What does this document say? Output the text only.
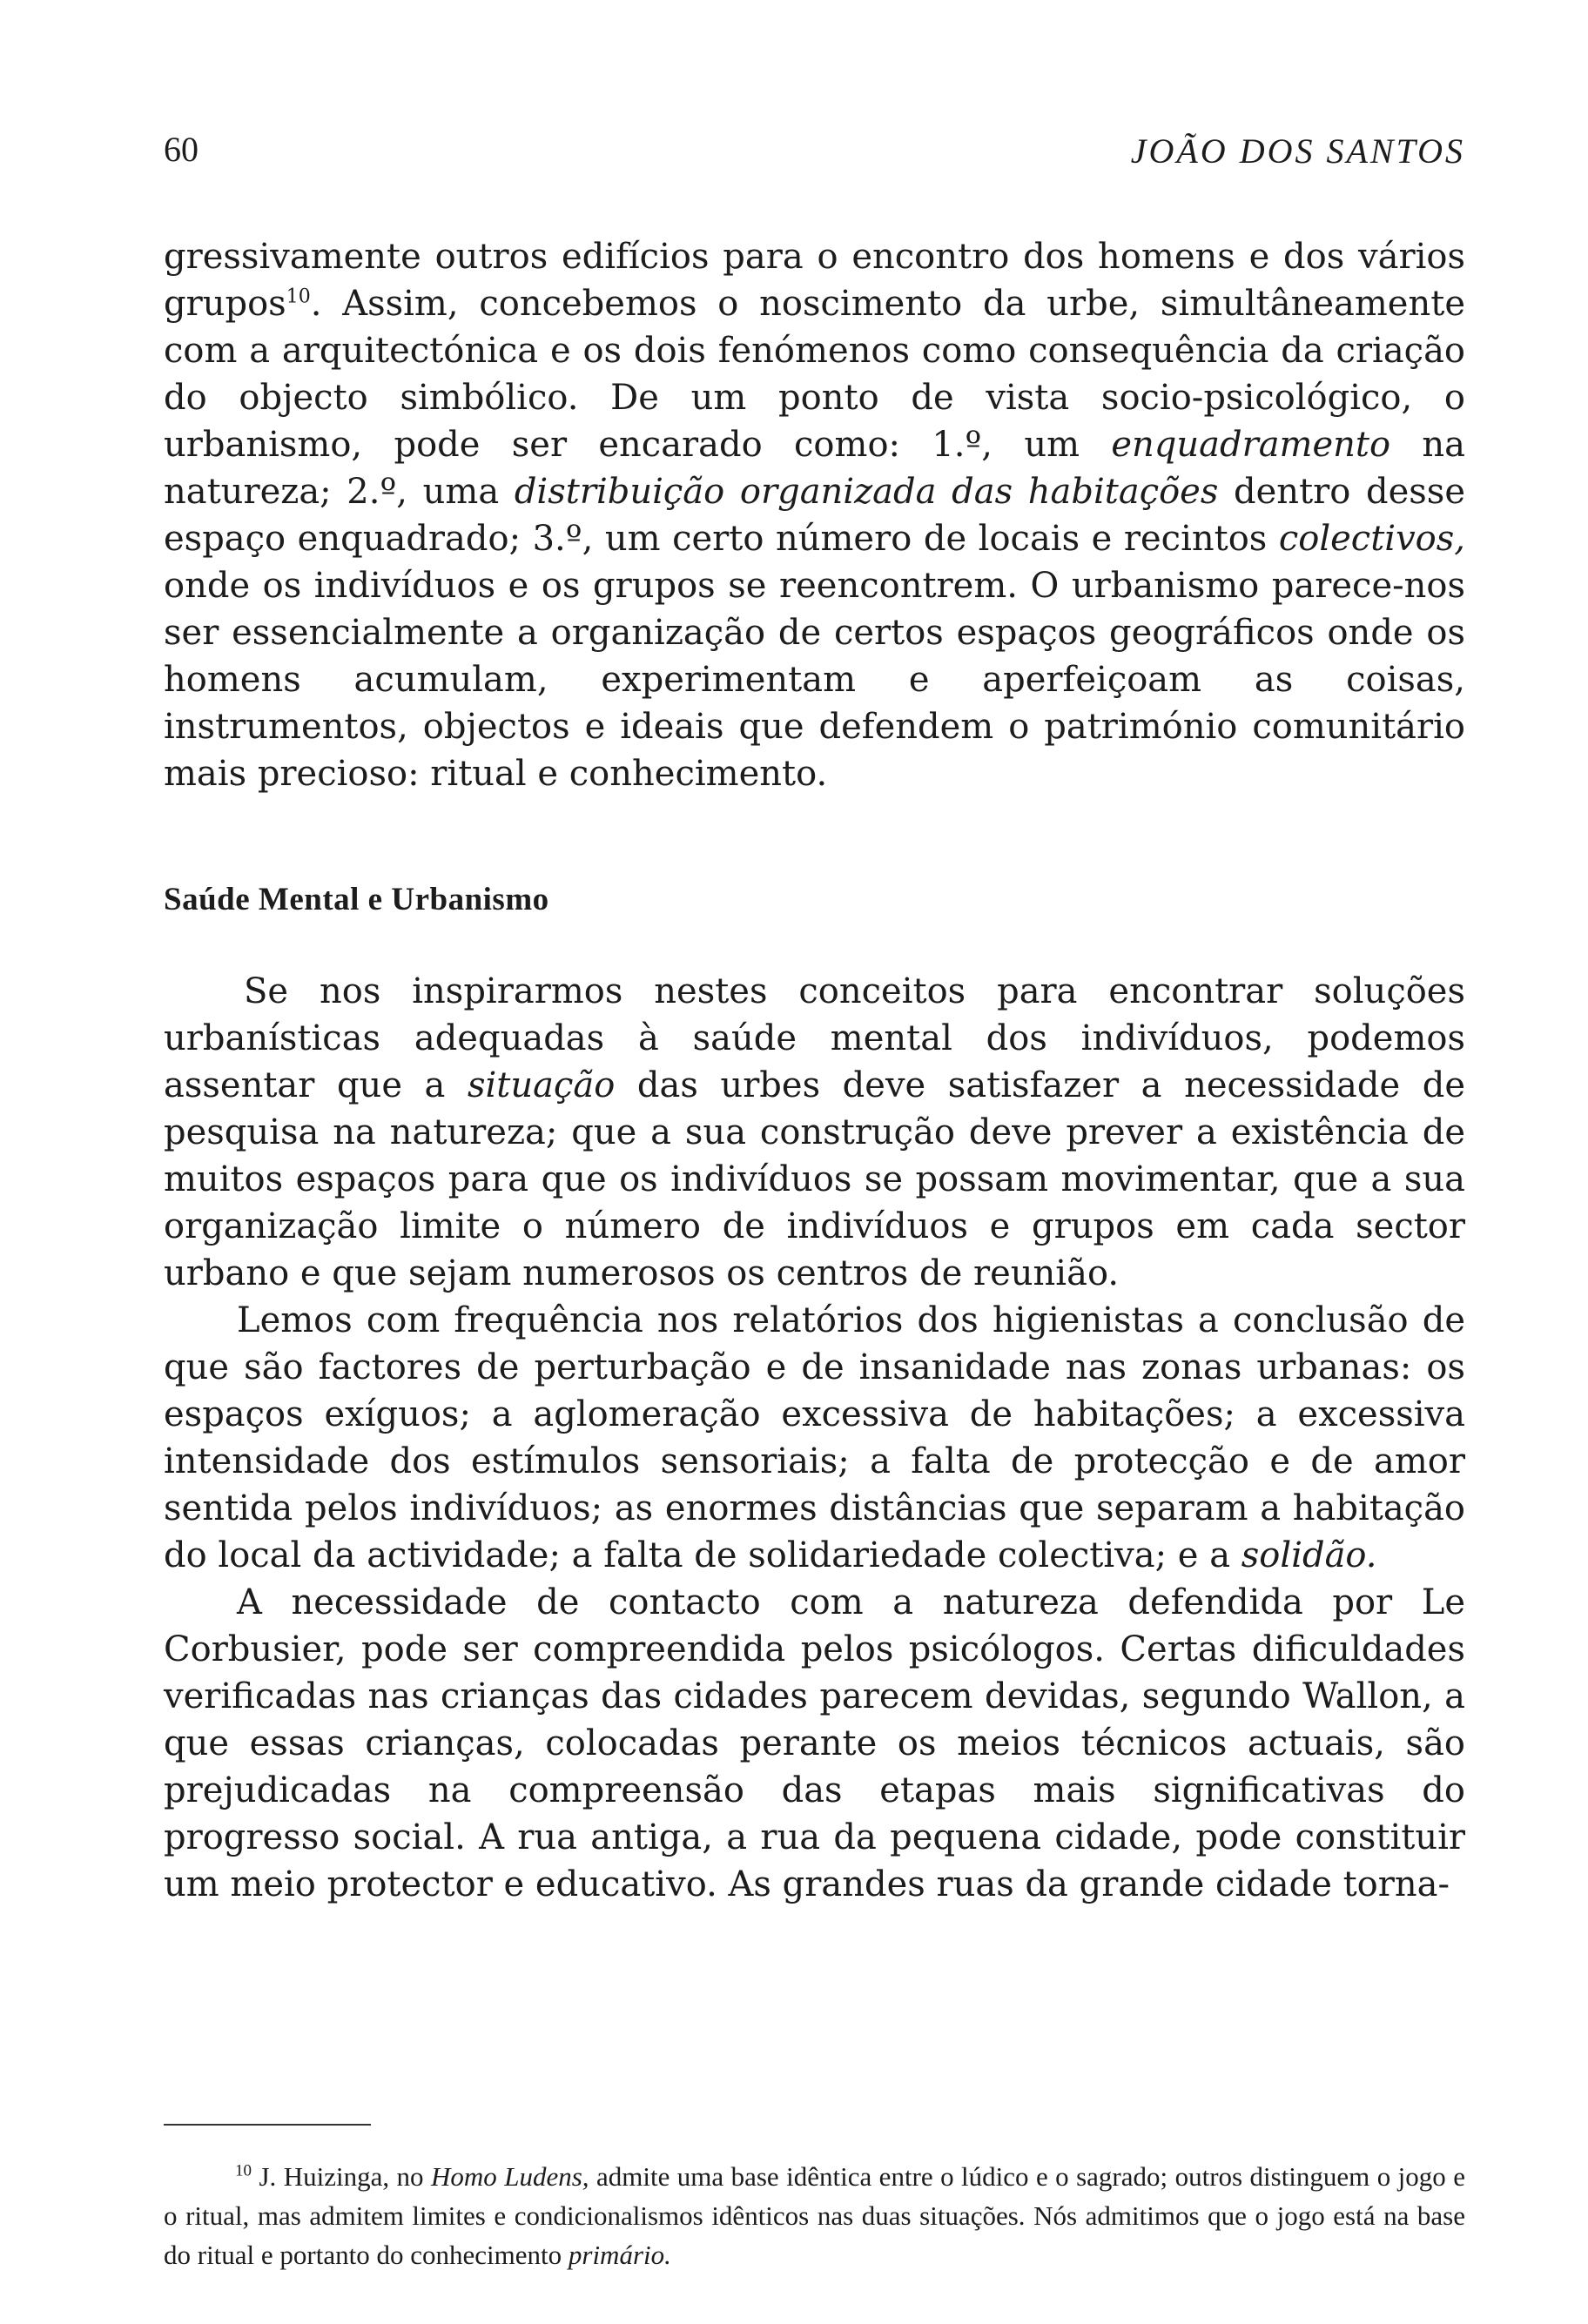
60	JOÃO DOS SANTOS

gressivamente outros edifícios para o encontro dos homens e dos vários grupos$^{10}$. Assim, concebemos o noscimento da urbe, simultâneamente com a arquitectónica e os dois fenómenos como consequência da criação do objecto simbólico. De um ponto de vista socio-psicológico, o urbanismo, pode ser encarado como: 1.º, um enquadramento na natureza; 2.º, uma distribuição organizada das habitações dentro desse espaço enquadrado; 3.º, um certo número de locais e recintos colectivos, onde os indivíduos e os grupos se reencontrem. O urbanismo parece-nos ser essencialmente a organização de certos espaços geográficos onde os homens acumulam, experimentam e aperfeiçoam as coisas, instrumentos, objectos e ideais que defendem o património comunitário mais precioso: ritual e conhecimento.

Saúde Mental e Urbanismo

Se nos inspirarmos nestes conceitos para encontrar soluções urbanísticas adequadas à saúde mental dos indivíduos, podemos assentar que a situação das urbes deve satisfazer a necessidade de pesquisa na natureza; que a sua construção deve prever a existência de muitos espaços para que os indivíduos se possam movimentar, que a sua organização limite o número de indivíduos e grupos em cada sector urbano e que sejam numerosos os centros de reunião.

Lemos com frequência nos relatórios dos higienistas a conclusão de que são factores de perturbação e de insanidade nas zonas urbanas: os espaços exíguos; a aglomeração excessiva de habitações; a excessiva intensidade dos estímulos sensoriais; a falta de protecção e de amor sentida pelos indivíduos; as enormes distâncias que separam a habitação do local da actividade; a falta de solidariedade colectiva; e a solidão.

A necessidade de contacto com a natureza defendida por Le Corbusier, pode ser compreendida pelos psicólogos. Certas dificuldades verificadas nas crianças das cidades parecem devidas, segundo Wallon, a que essas crianças, colocadas perante os meios técnicos actuais, são prejudicadas na compreensão das etapas mais significativas do progresso social. A rua antiga, a rua da pequena cidade, pode constituir um meio protector e educativo. As grandes ruas da grande cidade torna-

$^{10}$ J. Huizinga, no Homo Ludens, admite uma base idêntica entre o lúdico e o sagrado; outros distinguem o jogo e o ritual, mas admitem limites e condicionalismos idênticos nas duas situações. Nós admitimos que o jogo está na base do ritual e portanto do conhecimento primário.
